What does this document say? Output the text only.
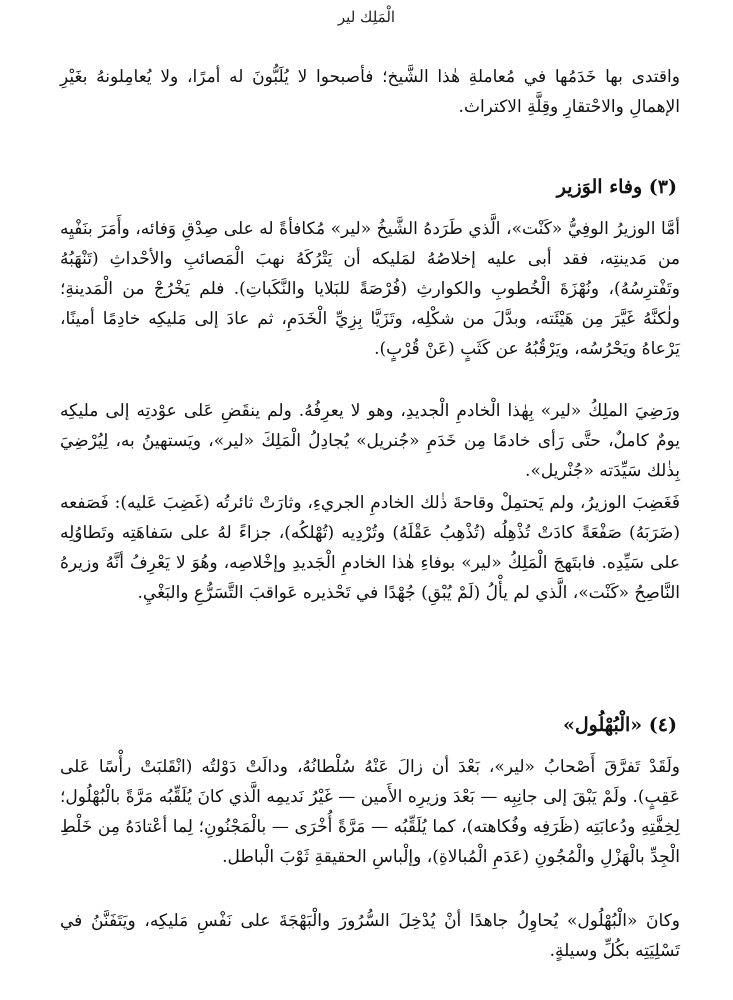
الْمَلِك لير

واقتدى بها خَدَمُها في مُعاملةِ هٰذا الشَّيخ؛ فأصبحوا لا يُلَبُّونَ له أمرًا، ولا يُعامِلونهُ بغَيْرِ الإهمالِ والاحْتقارِ وقِلَّةِ الاكتراث.

(٣) وفاء الوَزير

أمَّا الوزيرُ الوفِيُّ «كَنْت»، الَّذي طَرَدهُ الشَّيخُ «لير» مُكافأةً له على صِدْقِ وَفائه، وأَمَرَ بنَفْيِه من مَدينتِه، فقد أبى عليه إخلاصُهُ لمَليكه أن يَتْرُكَهُ نهبَ الْمَصائبِ والأحْداثِ (تَنْهَبُهُ وتَفْترِسُهُ)، ونُهْزَةَ الْخُطوبِ والكوارثِ (فُرْصَةً للبَلايا والنَّكَباتِ). فلم يَخْرُجْ من الْمَدينةِ؛ ولٰكنَّهُ غَيَّرَ مِن هَيْئَته، وبدَّلَ من شكْلِه، وتَزَيَّا بِزِيِّ الْخَدَمِ، ثم عادَ إلى مَليكِه خادِمًا أمينًا، يَرْعاهُ ويَحْرُسُه، ويَرْقُبُهُ عن كَثَبٍ (عَنْ قُرْبٍ).

ورَضِيَ الملِكُ «لير» بِهٰذا الْخادمِ الْجديدِ، وهو لا يعرِفُهُ. ولم ينقَضِ عَلى عوْدتِه إلى مليكِه يومٌ كاملٌ، حتَّى رَأى خادمًا مِن خَدَمِ «جُنريل» يُجادِلُ الْمَلِكَ «لير»، ويَستهينُ به، لِيُرْضِيَ بِذٰلك سَيِّدَته «جُنْريل».

فَغَضِبَ الوزيرُ، ولم يَحتمِلْ وقاحةَ ذٰلك الخادمِ الجريءِ، وثارَتْ ثائرتُه (غَضِبَ عَليه): فَصَفعه (ضَرَبَهُ) صَفْعَةً كادَتْ تُذْهِلُه (تُذْهِبُ عَقْلَهُ) وتُرْدِيه (تُهْلكُه)، جزاءً لهُ على سَفاهَتِه وتَطاوُلِه على سَيِّدِه. فابتَهجَ الْمَلِكُ «لير» بوفاءِ هٰذا الخادمِ الْجَديدِ وإخْلاصِه، وهُوَ لا يَعْرِفُ أنَّهُ وزيرهُ النَّاصِحُ «كَنْت»، الَّذي لم يأْلُ (لَمْ يُبْقِ) جُهْدًا في تَحْذيره عَواقبَ التَّسَرُّعِ والبَغْيِ.

(٤) «الْبُهْلُول»

ولَقَدْ تَفرَّقَ أَصْحابُ «لير»، بَعْدَ أن زالَ عَنْهُ سُلْطانُهُ، ودالَتْ دَوْلتُه (انْقَلبَتْ رأْسًا عَلى عَقِبٍ). ولَمْ يَبْقَ إلى جانِبِه — بَعْدَ وزيرِه الأَمين — غَيْرُ نَديمِه الَّذي كانَ يُلَقِّبُه مَرَّةً بالْبُهْلُول؛ لِخِفَّتِهِ ودُعابَتِه (ظَرَفِه وفُكاهته)، كما يُلَقِّبُه — مَرَّةً أُخْرَى — بالْمَجْنُونِ؛ لِما أعْتادَهُ مِن خَلْطِ الْجِدِّ بالْهَزْلِ والْمُجُونِ (عَدَمِ الْمُبالاةِ)، وإلْباسِ الحقيقةِ ثَوْبَ الْباطل.

وكانَ «الْبُهْلُول» يُحاوِلُ جاهدًا أنْ يُدْخِلَ السُّرُورَ والْبَهْجَةَ على نَفْسِ مَليكِه، ويَتَفَنَّنُ في تَسْلِيَتِه بكُلِّ وسيلةٍ.
